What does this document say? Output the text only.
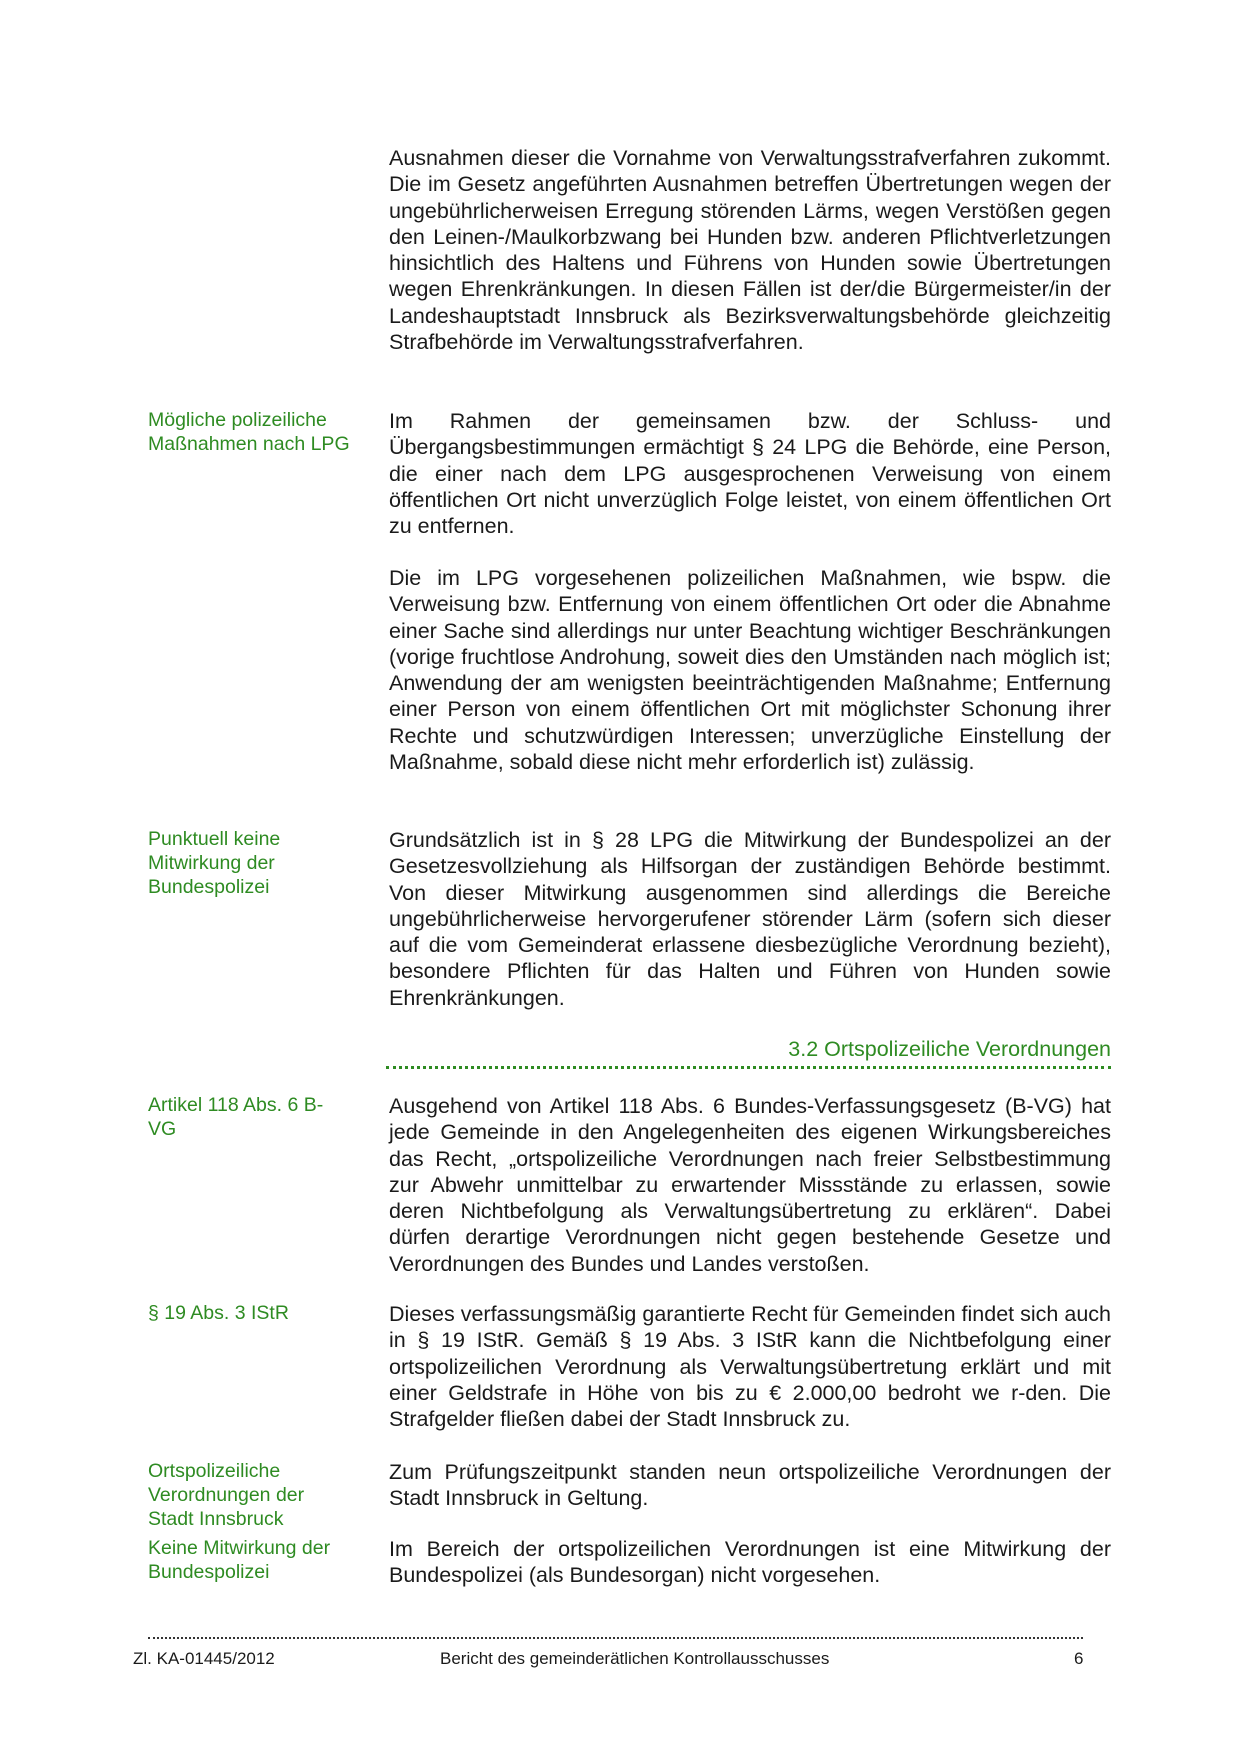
Ausnahmen dieser die Vornahme von Verwaltungsstrafverfahren zukommt. Die im Gesetz angeführten Ausnahmen betreffen Übertretungen wegen der ungebührlicherweisen Erregung störenden Lärms, wegen Verstößen gegen den Leinen-/Maulkorbzwang bei Hunden bzw. anderen Pflichtverletzungen hinsichtlich des Haltens und Führens von Hunden sowie Übertretungen wegen Ehrenkränkungen. In diesen Fällen ist der/die Bürgermeister/in der Landeshauptstadt Innsbruck als Bezirksverwaltungsbehörde gleichzeitig Strafbehörde im Verwaltungsstrafverfahren.

Mögliche polizeiliche Maßnahmen nach LPG

Im Rahmen der gemeinsamen bzw. der Schluss- und Übergangsbestimmungen ermächtigt § 24 LPG die Behörde, eine Person, die einer nach dem LPG ausgesprochenen Verweisung von einem öffentlichen Ort nicht unverzüglich Folge leistet, von einem öffentlichen Ort zu entfernen.

Die im LPG vorgesehenen polizeilichen Maßnahmen, wie bspw. die Verweisung bzw. Entfernung von einem öffentlichen Ort oder die Abnahme einer Sache sind allerdings nur unter Beachtung wichtiger Beschränkungen (vorige fruchtlose Androhung, soweit dies den Umständen nach möglich ist; Anwendung der am wenigsten beeinträchtigenden Maßnahme; Entfernung einer Person von einem öffentlichen Ort mit möglichster Schonung ihrer Rechte und schutzwürdigen Interessen; unverzügliche Einstellung der Maßnahme, sobald diese nicht mehr erforderlich ist) zulässig.

Punktuell keine Mitwirkung der Bundespolizei

Grundsätzlich ist in § 28 LPG die Mitwirkung der Bundespolizei an der Gesetzesvollziehung als Hilfsorgan der zuständigen Behörde bestimmt. Von dieser Mitwirkung ausgenommen sind allerdings die Bereiche ungebührlicherweise hervorgerufener störender Lärm (sofern sich dieser auf die vom Gemeinderat erlassene diesbezügliche Verordnung bezieht), besondere Pflichten für das Halten und Führen von Hunden sowie Ehrenkränkungen.

3.2 Ortspolizeiliche Verordnungen
Artikel 118 Abs. 6 B-VG

Ausgehend von Artikel 118 Abs. 6 Bundes-Verfassungsgesetz (B-VG) hat jede Gemeinde in den Angelegenheiten des eigenen Wirkungsbereiches das Recht, „ortspolizeiliche Verordnungen nach freier Selbstbestimmung zur Abwehr unmittelbar zu erwartender Missstände zu erlassen, sowie deren Nichtbefolgung als Verwaltungsübertretung zu erklären“. Dabei dürfen derartige Verordnungen nicht gegen bestehende Gesetze und Verordnungen des Bundes und Landes verstoßen.

§ 19 Abs. 3 IStR	Dieses verfassungsmäßig garantierte Recht für Gemeinden findet sich auch in § 19 IStR. Gemäß § 19 Abs. 3 IStR kann die Nichtbefolgung einer ortspolizeilichen Verordnung als Verwaltungsübertretung erklärt und mit einer Geldstrafe in Höhe von bis zu € 2.000,00 bedroht we r-den. Die Strafgelder fließen dabei der Stadt Innsbruck zu.

Ortspolizeiliche Verordnungen der Stadt Innsbruck

Zum Prüfungszeitpunkt standen neun ortspolizeiliche Verordnungen der Stadt Innsbruck in Geltung.

Keine Mitwirkung der Bundespolizei

Im Bereich der ortspolizeilichen Verordnungen ist eine Mitwirkung der Bundespolizei (als Bundesorgan) nicht vorgesehen.

Zl. KA-01445/2012	Bericht des gemeinderätlichen Kontrollausschusses	6
